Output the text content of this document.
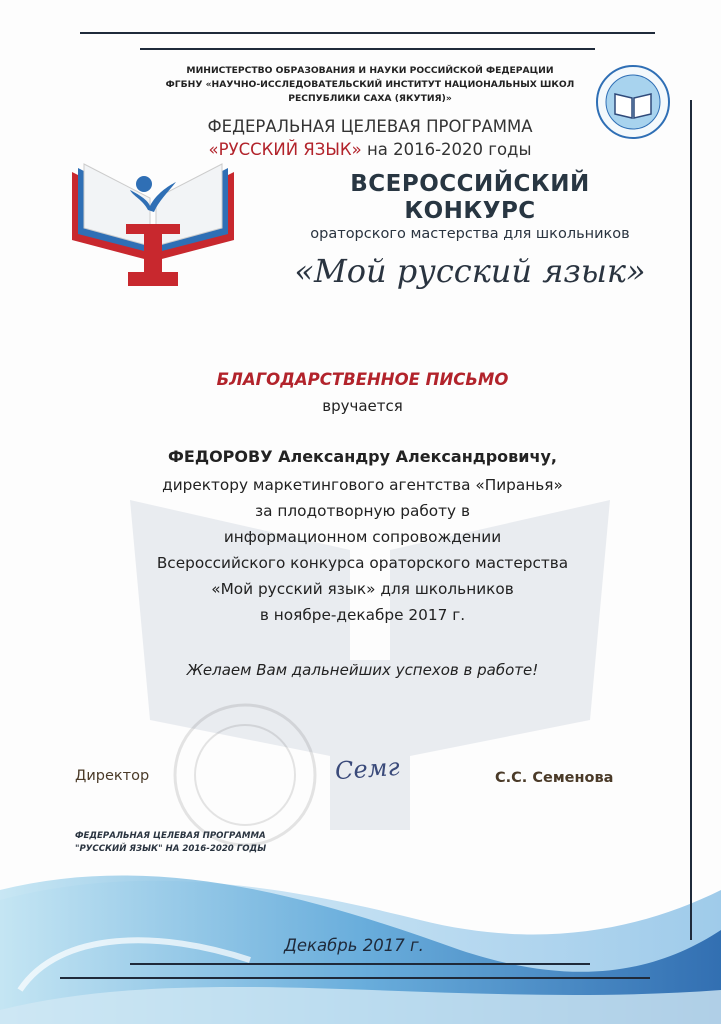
МИНИСТЕРСТВО ОБРАЗОВАНИЯ И НАУКИ РОССИЙСКОЙ ФЕДЕРАЦИИ
ФГБНУ «НАУЧНО-ИССЛЕДОВАТЕЛЬСКИЙ ИНСТИТУТ НАЦИОНАЛЬНЫХ ШКОЛ
РЕСПУБЛИКИ САХА (ЯКУТИЯ)»
ФЕДЕРАЛЬНАЯ ЦЕЛЕВАЯ ПРОГРАММА
«РУССКИЙ ЯЗЫК» на 2016-2020 годы
ВСЕРОССИЙСКИЙ
КОНКУРС
ораторского мастерства для школьников
«Мой русский язык»
БЛАГОДАРСТВЕННОЕ ПИСЬМО
вручается
ФЕДОРОВУ Александру Александровичу,
директору маркетингового агентства «Пиранья»
за плодотворную работу в
информационном сопровождении
Всероссийского конкурса ораторского мастерства
«Мой русский язык» для школьников
в ноябре-декабре 2017 г.
Желаем Вам дальнейших успехов в работе!
Директор	Семг	С.С. Семенова
ФЕДЕРАЛЬНАЯ ЦЕЛЕВАЯ ПРОГРАММА
"РУССКИЙ ЯЗЫК" НА 2016-2020 ГОДЫ
Декабрь 2017 г.
